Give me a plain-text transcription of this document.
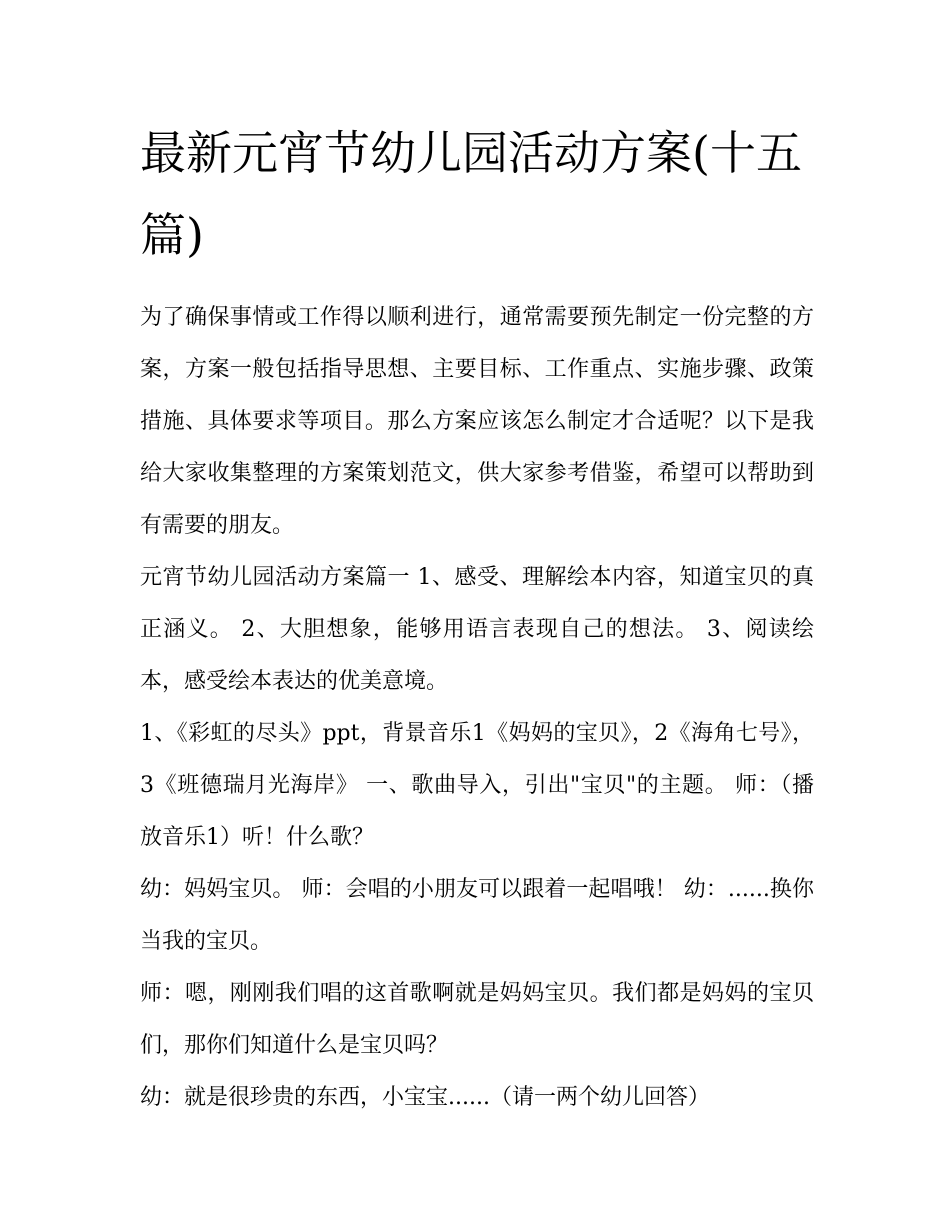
最新元宵节幼儿园活动方案(十五篇)

为了确保事情或工作得以顺利进行，通常需要预先制定一份完整的方案，方案一般包括指导思想、主要目标、工作重点、实施步骤、政策措施、具体要求等项目。那么方案应该怎么制定才合适呢？以下是我给大家收集整理的方案策划范文，供大家参考借鉴，希望可以帮助到有需要的朋友。

元宵节幼儿园活动方案篇一 1、感受、理解绘本内容，知道宝贝的真正涵义。 2、大胆想象，能够用语言表现自己的想法。 3、阅读绘本，感受绘本表达的优美意境。

1、《彩虹的尽头》ppt，背景音乐1《妈妈的宝贝》，2《海角七号》，3《班德瑞月光海岸》 一、歌曲导入，引出"宝贝"的主题。 师：（播放音乐1）听！什么歌？

幼：妈妈宝贝。 师：会唱的小朋友可以跟着一起唱哦！ 幼：......换你当我的宝贝。

师：嗯，刚刚我们唱的这首歌啊就是妈妈宝贝。我们都是妈妈的宝贝们，那你们知道什么是宝贝吗？

幼：就是很珍贵的东西，小宝宝......（请一两个幼儿回答）
